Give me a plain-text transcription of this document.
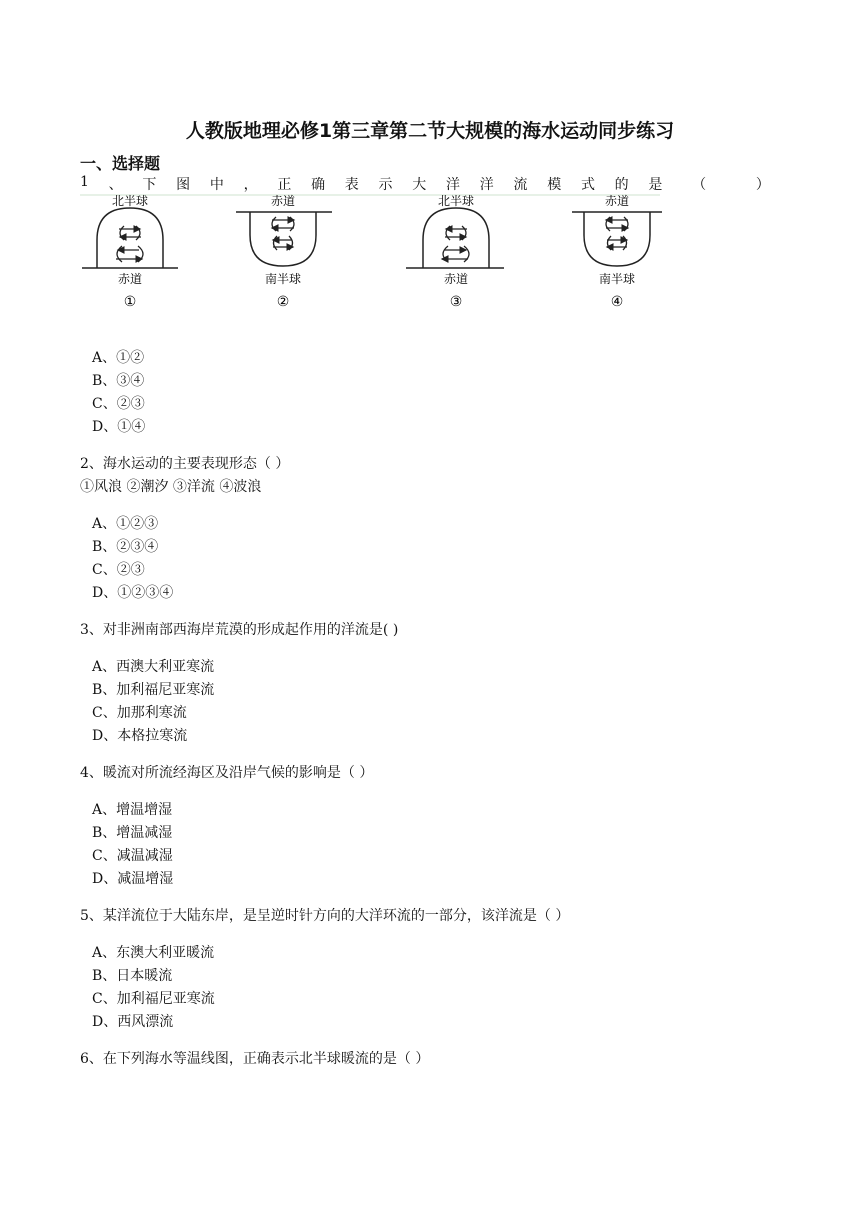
人教版地理必修1第三章第二节大规模的海水运动同步练习
一、选择题
1 、 下 图 中 ， 正 确 表 示 大 洋 洋 流 模 式 的 是 （	）
北半球
赤道
①
赤道
南半球
②
北半球
赤道
③
赤道
南半球
④
A、①②
B、③④
C、②③
D、①④
2、海水运动的主要表现形态（ ）
①风浪 ②潮汐 ③洋流 ④波浪
A、①②③
B、②③④
C、②③
D、①②③④
3、对非洲南部西海岸荒漠的形成起作用的洋流是( )
A、西澳大利亚寒流
B、加利福尼亚寒流
C、加那利寒流
D、本格拉寒流
4、暖流对所流经海区及沿岸气候的影响是（ ）
A、增温增湿
B、增温减湿
C、减温减湿
D、减温增湿
5、某洋流位于大陆东岸，是呈逆时针方向的大洋环流的一部分，该洋流是（ ）
A、东澳大利亚暖流
B、日本暖流
C、加利福尼亚寒流
D、西风漂流
6、在下列海水等温线图，正确表示北半球暖流的是（ ）
